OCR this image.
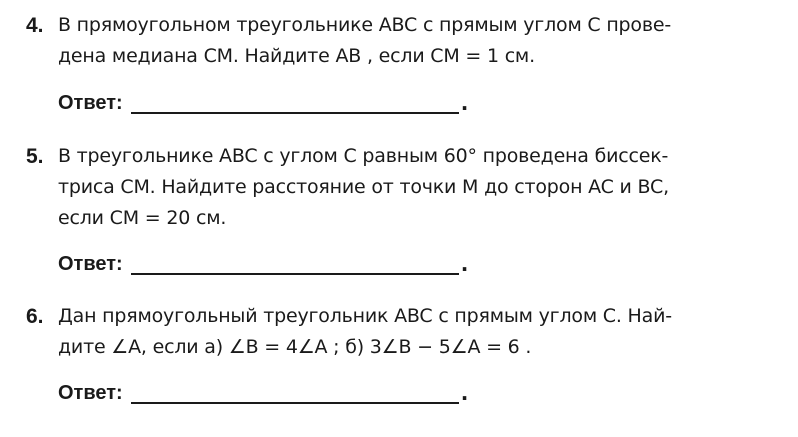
4. В прямоугольном треугольнике ABC с прямым углом C прове-
дена медиана CM. Найдите AB , если CM = 1 см.
Ответ:	.
5. В треугольнике ABC с углом C равным 60° проведена биссек-
триса CM. Найдите расстояние от точки M до сторон AC и BC,
если CM = 20 см.
Ответ:	.
6. Дан прямоугольный треугольник ABC с прямым углом C. Най-
дите ∠A, если а) ∠B = 4∠A ; б) 3∠B − 5∠A = 6 .
Ответ:	.
